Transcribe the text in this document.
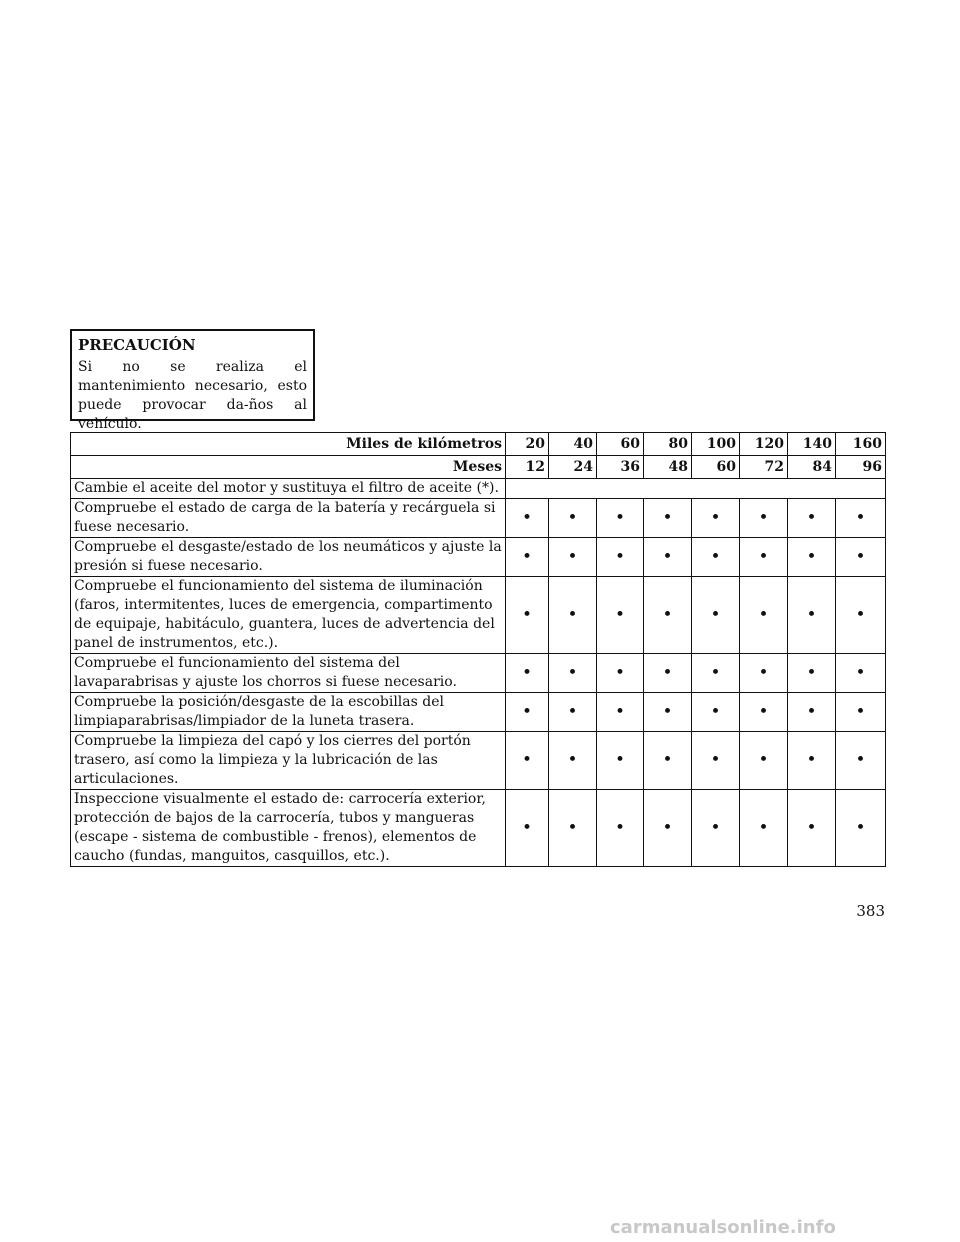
PRECAUCIÓN
Si no se realiza el mantenimiento necesario, esto puede provocar da-ños al vehículo.
Miles de kilómetros	20	40	60	80	100	120	140	160
Meses	12	24	36	48	60	72	84	96
Cambie el aceite del motor y sustituya el filtro de aceite (*).								
Compruebe el estado de carga de la batería y recárguela si fuese necesario.	•	•	•	•	•	•	•	•
Compruebe el desgaste/estado de los neumáticos y ajuste la presión si fuese necesario.	•	•	•	•	•	•	•	•
Compruebe el funcionamiento del sistema de iluminación (faros, intermitentes, luces de emergencia, compartimento de equipaje, habitáculo, guantera, luces de advertencia del panel de instrumentos, etc.).	•	•	•	•	•	•	•	•
Compruebe el funcionamiento del sistema del lavaparabrisas y ajuste los chorros si fuese necesario.	•	•	•	•	•	•	•	•
Compruebe la posición/desgaste de la escobillas del limpiaparabrisas/limpiador de la luneta trasera.	•	•	•	•	•	•	•	•
Compruebe la limpieza del capó y los cierres del portón trasero, así como la limpieza y la lubricación de las articulaciones.	•	•	•	•	•	•	•	•
Inspeccione visualmente el estado de: carrocería exterior, protección de bajos de la carrocería, tubos y mangueras (escape - sistema de combustible - frenos), elementos de caucho (fundas, manguitos, casquillos, etc.).	•	•	•	•	•	•	•	•
383
carmanualsonline.info
